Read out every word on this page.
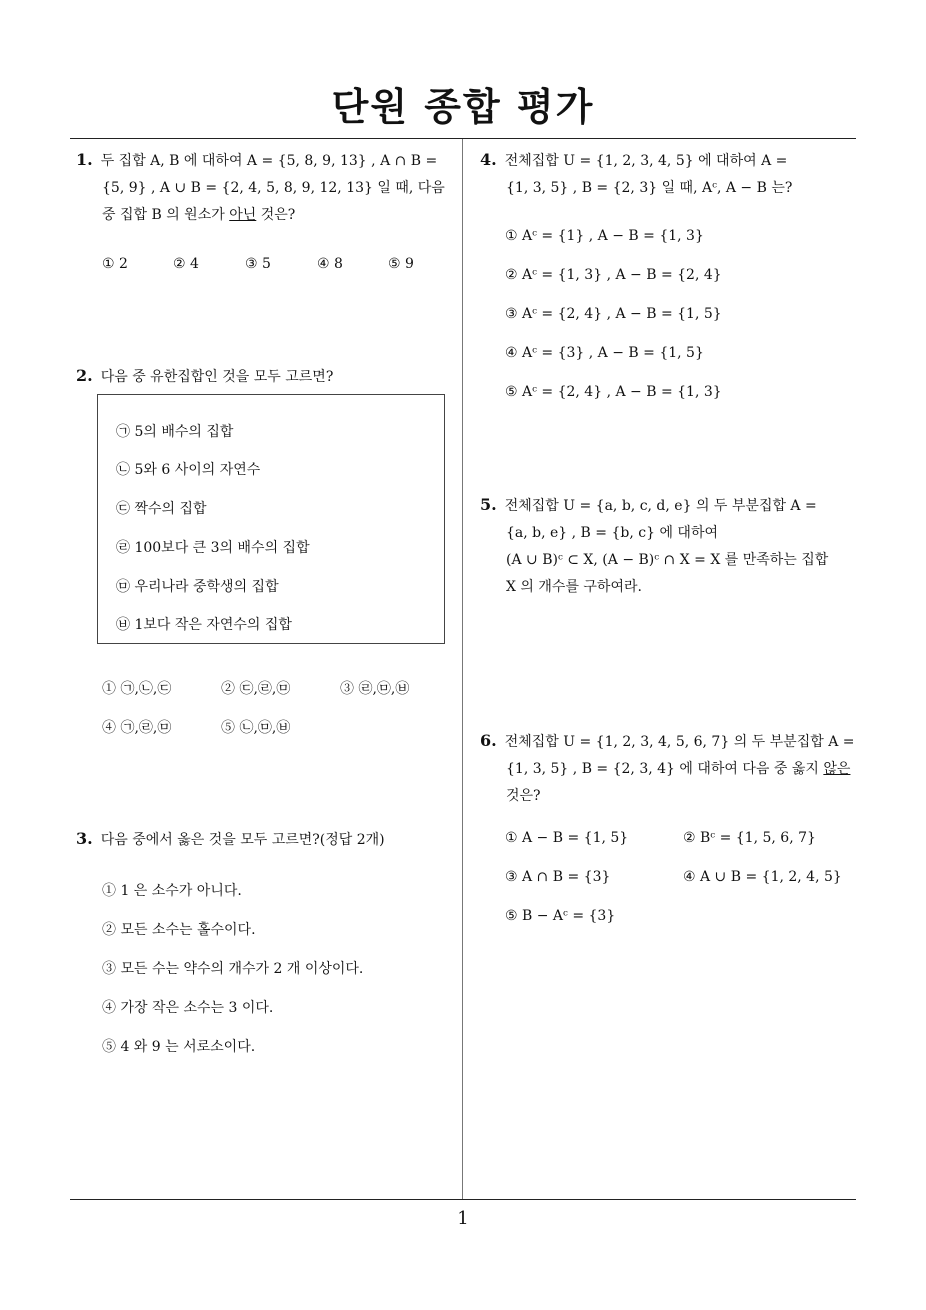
단원 종합 평가
1. 두 집합 A, B 에 대하여 A = {5, 8, 9, 13} , A ∩ B =
{5, 9} , A ∪ B = {2, 4, 5, 8, 9, 12, 13} 일 때, 다음
중 집합 B 의 원소가 아닌 것은?
① 2	② 4	③ 5	④ 8	⑤ 9
2. 다음 중 유한집합인 것을 모두 고르면?
㉠ 5의 배수의 집합
㉡ 5와 6 사이의 자연수
㉢ 짝수의 집합
㉣ 100보다 큰 3의 배수의 집합
㉤ 우리나라 중학생의 집합
㉥ 1보다 작은 자연수의 집합
① ㉠,㉡,㉢	② ㉢,㉣,㉤	③ ㉣,㉤,㉥
④ ㉠,㉣,㉤	⑤ ㉡,㉤,㉥
3. 다음 중에서 옳은 것을 모두 고르면?(정답 2개)
① 1 은 소수가 아니다.
② 모든 소수는 홀수이다.
③ 모든 수는 약수의 개수가 2 개 이상이다.
④ 가장 작은 소수는 3 이다.
⑤ 4 와 9 는 서로소이다.
4. 전체집합 U = {1, 2, 3, 4, 5} 에 대하여 A =
{1, 3, 5} , B = {2, 3} 일 때, Aᶜ, A − B 는?
① Aᶜ = {1} , A − B = {1, 3}
② Aᶜ = {1, 3} , A − B = {2, 4}
③ Aᶜ = {2, 4} , A − B = {1, 5}
④ Aᶜ = {3} , A − B = {1, 5}
⑤ Aᶜ = {2, 4} , A − B = {1, 3}
5. 전체집합 U = {a, b, c, d, e} 의 두 부분집합 A =
{a, b, e} , B = {b, c} 에 대하여
(A ∪ B)ᶜ ⊂ X, (A − B)ᶜ ∩ X = X 를 만족하는 집합
X 의 개수를 구하여라.
6. 전체집합 U = {1, 2, 3, 4, 5, 6, 7} 의 두 부분집합 A =
{1, 3, 5} , B = {2, 3, 4} 에 대하여 다음 중 옳지 않은
것은?
① A − B = {1, 5}	② Bᶜ = {1, 5, 6, 7}
③ A ∩ B = {3}	④ A ∪ B = {1, 2, 4, 5}
⑤ B − Aᶜ = {3}
1
